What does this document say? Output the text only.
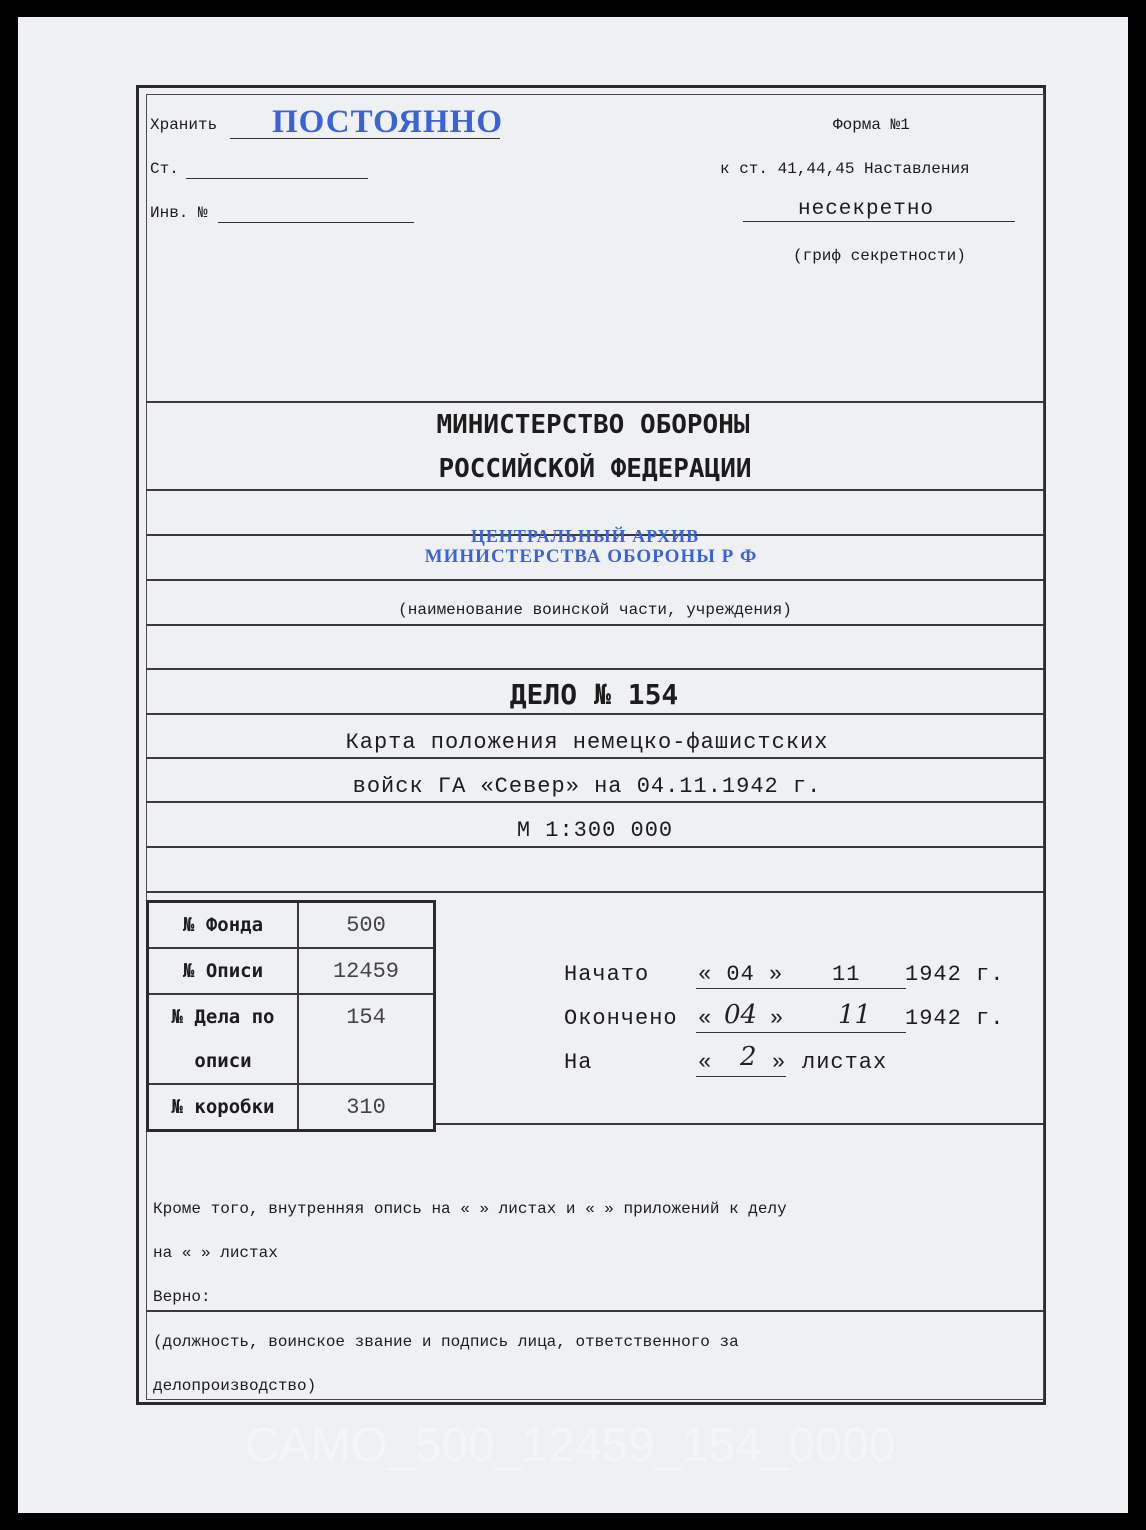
Хранить ПОСТОЯННО	Форма №1
Ст.	к ст. 41,44,45 Наставления
Инв. №	несекретно
(гриф секретности)
МИНИСТЕРСТВО ОБОРОНЫ
РОССИЙСКОЙ ФЕДЕРАЦИИ
ЦЕНТРАЛЬНЫЙ АРХИВ
МИНИСТЕРСТВА ОБОРОНЫ Р Ф
(наименование воинской части, учреждения)
ДЕЛО № 154
Карта положения немецко-фашистских
войск ГА «Север» на 04.11.1942 г.
М 1:300 000
№ Фонда	500
№ Описи	12459
№ Дела по	154
описи	
№ коробки	310
Начато « 04 » 11 1942 г.
Окончено « 04 » 11 1942 г.
На	« 2 » листах
Кроме того, внутренняя опись на « » листах и « » приложений к делу
на « » листах
Верно:
(должность, воинское звание и подпись лица, ответственного за
делопроизводство)
САМО_500_12459_154_0000
